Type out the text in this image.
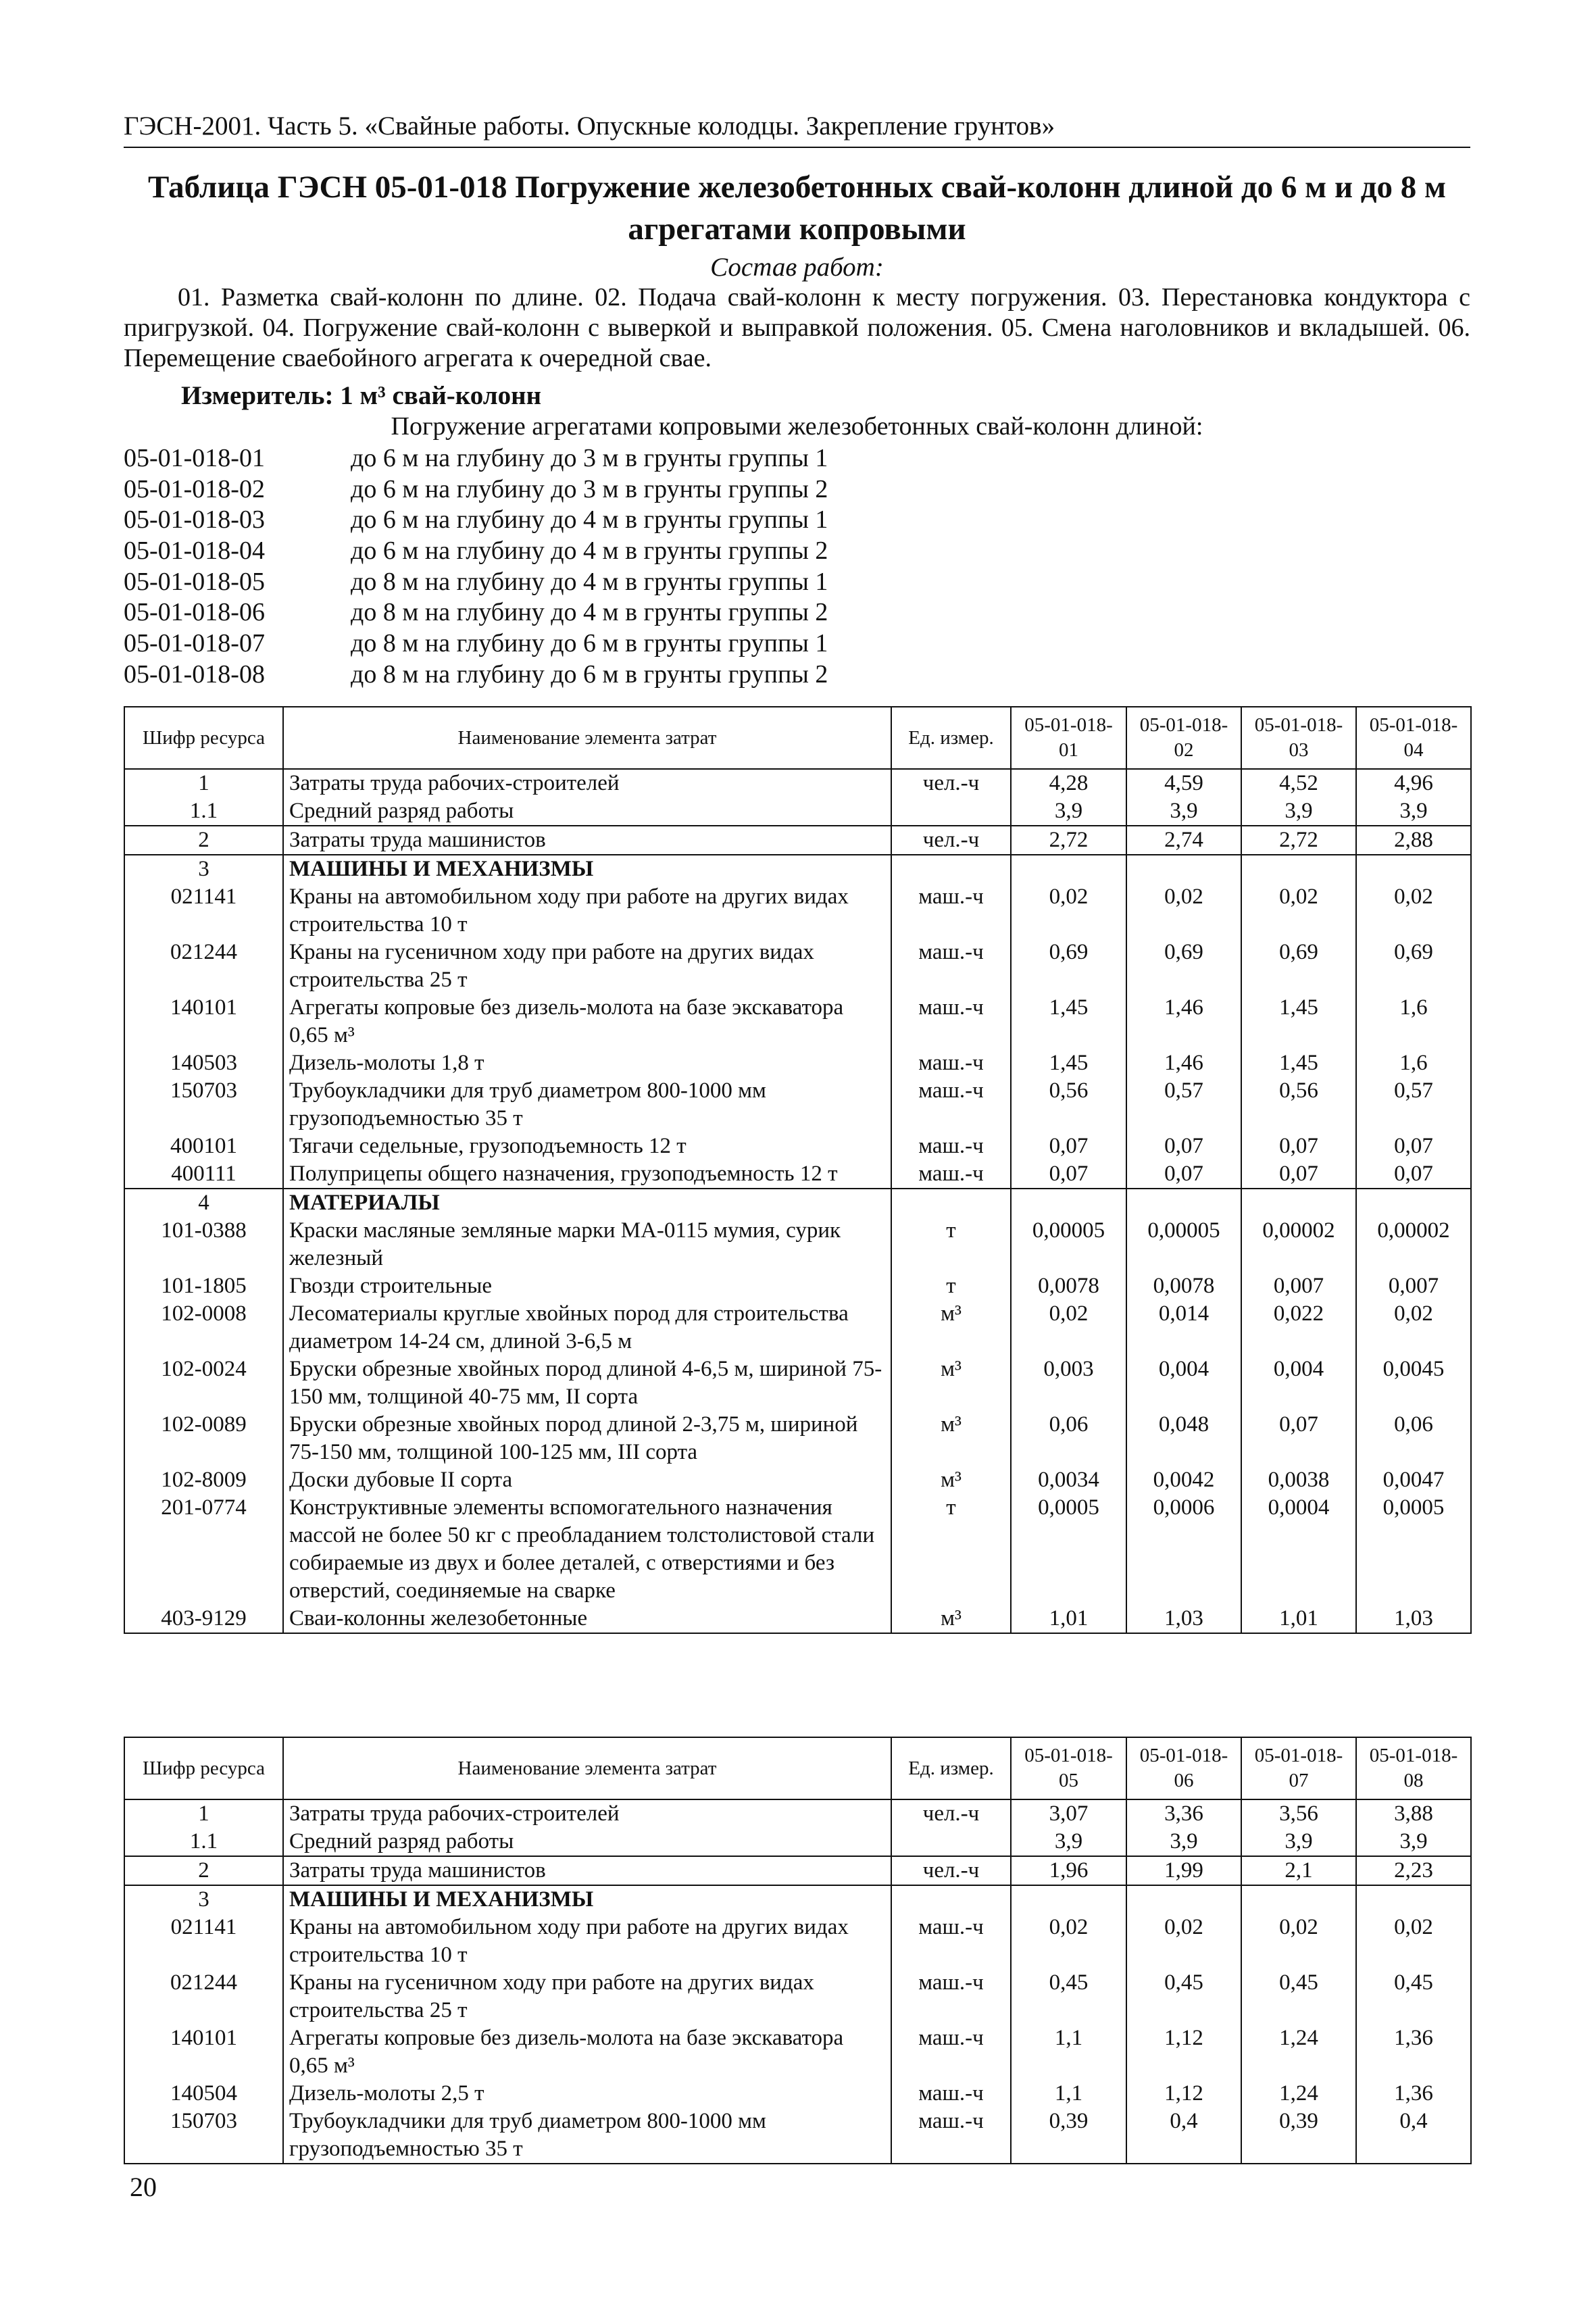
ГЭСН-2001. Часть 5. «Свайные работы. Опускные колодцы. Закрепление грунтов»
Таблица ГЭСН 05-01-018 Погружение железобетонных свай-колонн длиной до 6 м и до 8 м агрегатами копровыми
Состав работ:
01. Разметка свай-колонн по длине. 02. Подача свай-колонн к месту погружения. 03. Перестановка кондуктора с пригрузкой. 04. Погружение свай-колонн с выверкой и выправкой положения. 05. Смена наголовников и вкладышей. 06. Перемещение сваебойного агрегата к очередной свае.
Измеритель: 1 м³ свай-колонн
Погружение агрегатами копровыми железобетонных свай-колонн длиной:
05-01-018-01	до 6 м на глубину до 3 м в грунты группы 1
05-01-018-02	до 6 м на глубину до 3 м в грунты группы 2
05-01-018-03	до 6 м на глубину до 4 м в грунты группы 1
05-01-018-04	до 6 м на глубину до 4 м в грунты группы 2
05-01-018-05	до 8 м на глубину до 4 м в грунты группы 1
05-01-018-06	до 8 м на глубину до 4 м в грунты группы 2
05-01-018-07	до 8 м на глубину до 6 м в грунты группы 1
05-01-018-08	до 8 м на глубину до 6 м в грунты группы 2
Шифр ресурса	Наименование элемента затрат	Ед. измер.	05-01-018-01	05-01-018-02	05-01-018-03	05-01-018-04
1	Затраты труда рабочих-строителей	чел.-ч	4,28	4,59	4,52	4,96
1.1	Средний разряд работы		3,9	3,9	3,9	3,9
2	Затраты труда машинистов	чел.-ч	2,72	2,74	2,72	2,88
3	МАШИНЫ И МЕХАНИЗМЫ					
021141	Краны на автомобильном ходу при работе на других видах строительства 10 т	маш.-ч	0,02	0,02	0,02	0,02
021244	Краны на гусеничном ходу при работе на других видах строительства 25 т	маш.-ч	0,69	0,69	0,69	0,69
140101	Агрегаты копровые без дизель-молота на базе экскаватора 0,65 м³	маш.-ч	1,45	1,46	1,45	1,6
140503	Дизель-молоты 1,8 т	маш.-ч	1,45	1,46	1,45	1,6
150703	Трубоукладчики для труб диаметром 800-1000 мм грузоподъемностью 35 т	маш.-ч	0,56	0,57	0,56	0,57
400101	Тягачи седельные, грузоподъемность 12 т	маш.-ч	0,07	0,07	0,07	0,07
400111	Полуприцепы общего назначения, грузоподъемность 12 т	маш.-ч	0,07	0,07	0,07	0,07
4	МАТЕРИАЛЫ					
101-0388	Краски масляные земляные марки МА-0115 мумия, сурик железный	т	0,00005	0,00005	0,00002	0,00002
101-1805	Гвозди строительные	т	0,0078	0,0078	0,007	0,007
102-0008	Лесоматериалы круглые хвойных пород для строительства диаметром 14-24 см, длиной 3-6,5 м	м³	0,02	0,014	0,022	0,02
102-0024	Бруски обрезные хвойных пород длиной 4-6,5 м, шириной 75-150 мм, толщиной 40-75 мм, II сорта	м³	0,003	0,004	0,004	0,0045
102-0089	Бруски обрезные хвойных пород длиной 2-3,75 м, шириной 75-150 мм, толщиной 100-125 мм, III сорта	м³	0,06	0,048	0,07	0,06
102-8009	Доски дубовые II сорта	м³	0,0034	0,0042	0,0038	0,0047
201-0774	Конструктивные элементы вспомогательного назначения массой не более 50 кг с преобладанием толстолистовой стали собираемые из двух и более деталей, с отверстиями и без отверстий, соединяемые на сварке	т	0,0005	0,0006	0,0004	0,0005
403-9129	Сваи-колонны железобетонные	м³	1,01	1,03	1,01	1,03
Шифр ресурса	Наименование элемента затрат	Ед. измер.	05-01-018-05	05-01-018-06	05-01-018-07	05-01-018-08
1	Затраты труда рабочих-строителей	чел.-ч	3,07	3,36	3,56	3,88
1.1	Средний разряд работы		3,9	3,9	3,9	3,9
2	Затраты труда машинистов	чел.-ч	1,96	1,99	2,1	2,23
3	МАШИНЫ И МЕХАНИЗМЫ					
021141	Краны на автомобильном ходу при работе на других видах строительства 10 т	маш.-ч	0,02	0,02	0,02	0,02
021244	Краны на гусеничном ходу при работе на других видах строительства 25 т	маш.-ч	0,45	0,45	0,45	0,45
140101	Агрегаты копровые без дизель-молота на базе экскаватора 0,65 м³	маш.-ч	1,1	1,12	1,24	1,36
140504	Дизель-молоты 2,5 т	маш.-ч	1,1	1,12	1,24	1,36
150703	Трубоукладчики для труб диаметром 800-1000 мм грузоподъемностью 35 т	маш.-ч	0,39	0,4	0,39	0,4
20
